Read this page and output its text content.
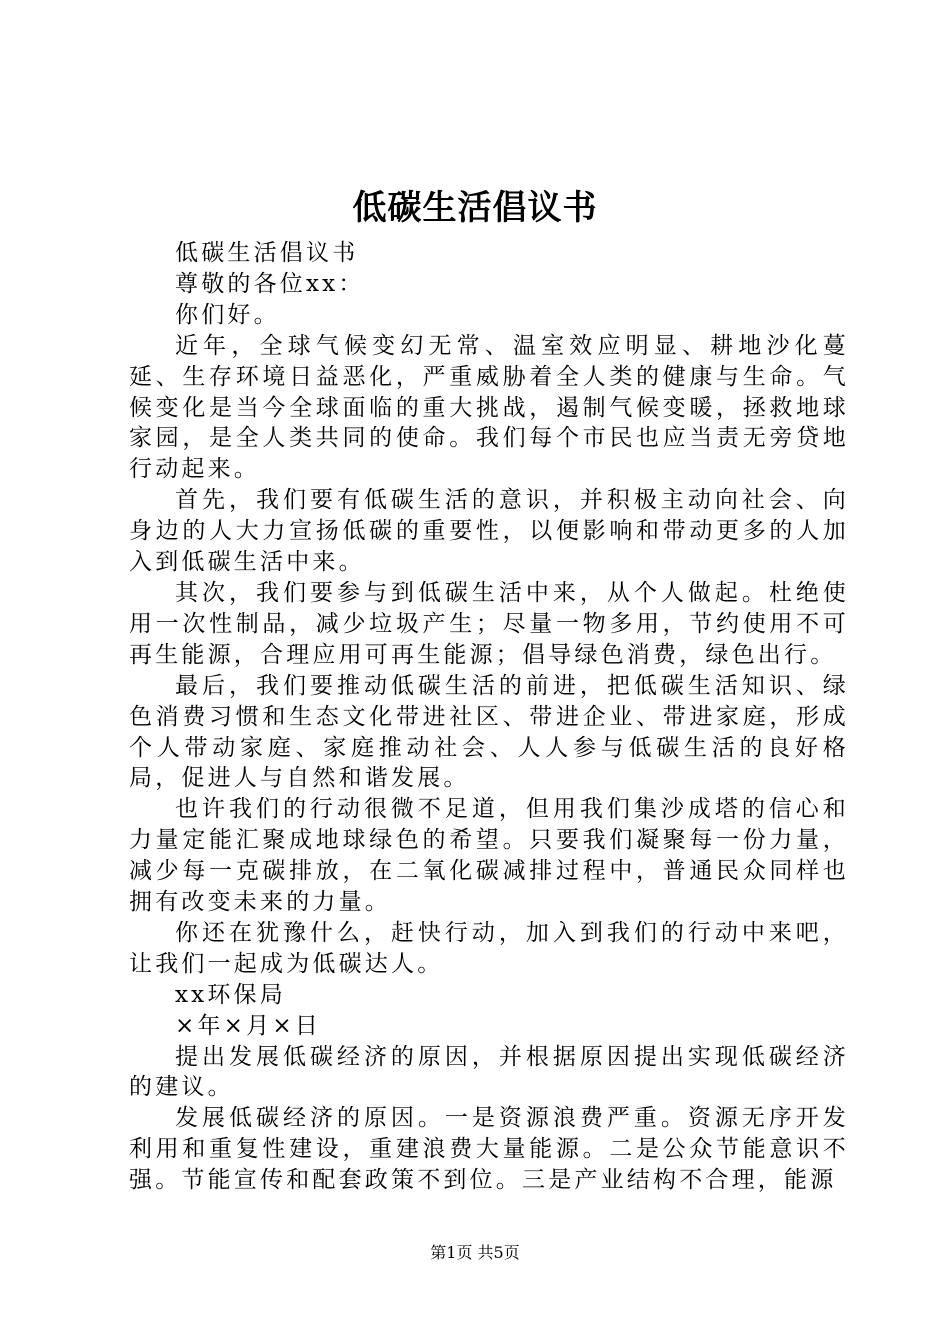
低碳生活倡议书

低碳生活倡议书

尊敬的各位xx：

你们好。

近年，全球气候变幻无常、温室效应明显、耕地沙化蔓延、生存环境日益恶化，严重威胁着全人类的健康与生命。气候变化是当今全球面临的重大挑战，遏制气候变暖，拯救地球家园，是全人类共同的使命。我们每个市民也应当责无旁贷地行动起来。

首先，我们要有低碳生活的意识，并积极主动向社会、向身边的人大力宣扬低碳的重要性，以便影响和带动更多的人加入到低碳生活中来。

其次，我们要参与到低碳生活中来，从个人做起。杜绝使用一次性制品，减少垃圾产生；尽量一物多用，节约使用不可再生能源，合理应用可再生能源；倡导绿色消费，绿色出行。

最后，我们要推动低碳生活的前进，把低碳生活知识、绿色消费习惯和生态文化带进社区、带进企业、带进家庭，形成个人带动家庭、家庭推动社会、人人参与低碳生活的良好格局，促进人与自然和谐发展。

也许我们的行动很微不足道，但用我们集沙成塔的信心和力量定能汇聚成地球绿色的希望。只要我们凝聚每一份力量，减少每一克碳排放，在二氧化碳减排过程中，普通民众同样也拥有改变未来的力量。

你还在犹豫什么，赶快行动，加入到我们的行动中来吧，让我们一起成为低碳达人。

xx环保局

×年×月×日

提出发展低碳经济的原因，并根据原因提出实现低碳经济的建议。

发展低碳经济的原因。一是资源浪费严重。资源无序开发利用和重复性建设，重建浪费大量能源。二是公众节能意识不强。节能宣传和配套政策不到位。三是产业结构不合理，能源

第1页 共5页
